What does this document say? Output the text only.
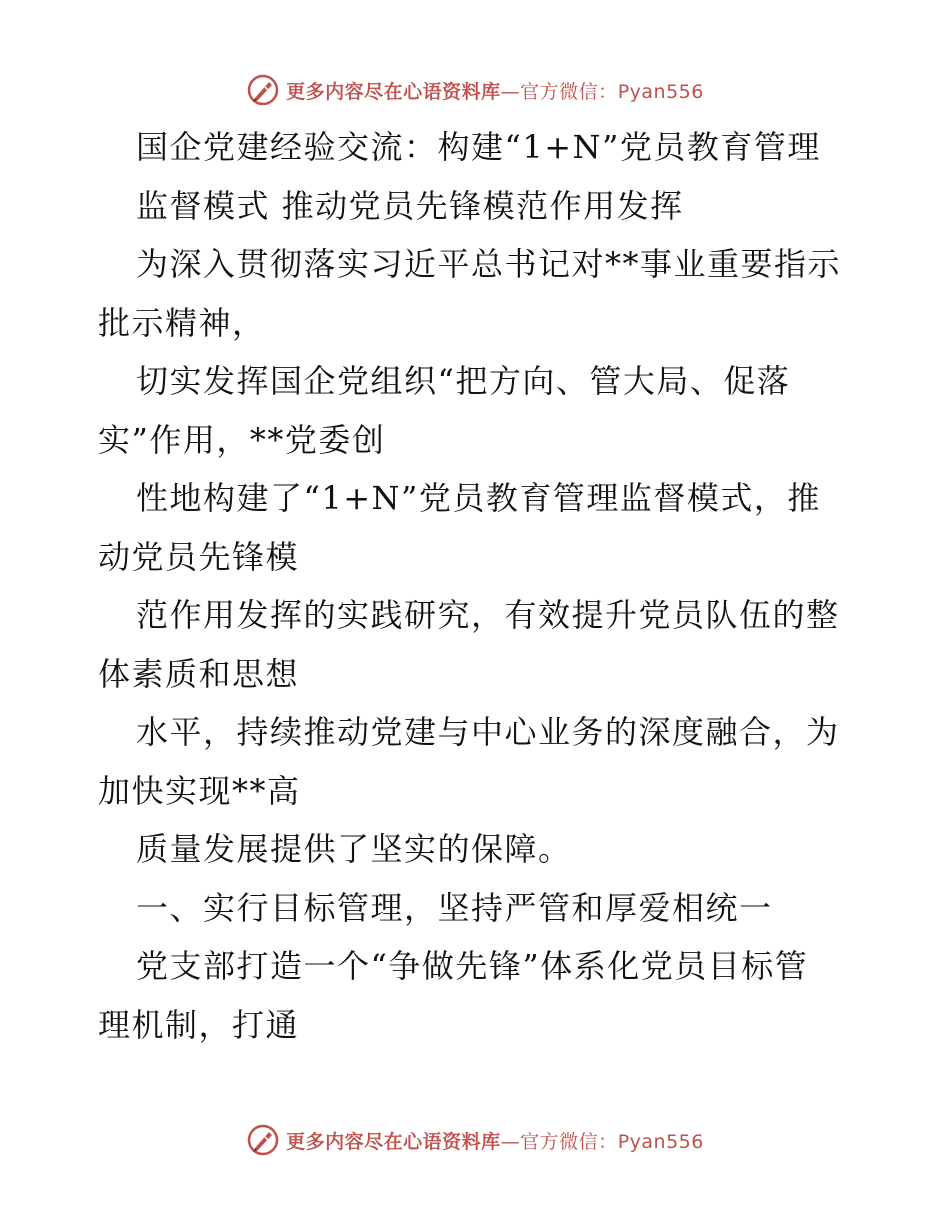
更多内容尽在心语资料库—官方微信：Pyan556
国企党建经验交流：构建“1+N”党员教育管理
监督模式 推动党员先锋模范作用发挥
为深入贯彻落实习近平总书记对**事业重要指示
批示精神，
切实发挥国企党组织“把方向、管大局、促落
实”作用，**党委创
性地构建了“1+N”党员教育管理监督模式，推
动党员先锋模
范作用发挥的实践研究，有效提升党员队伍的整
体素质和思想
水平，持续推动党建与中心业务的深度融合，为
加快实现**高
质量发展提供了坚实的保障。
一、实行目标管理，坚持严管和厚爱相统一
党支部打造一个“争做先锋”体系化党员目标管
理机制，打通
更多内容尽在心语资料库—官方微信：Pyan556
